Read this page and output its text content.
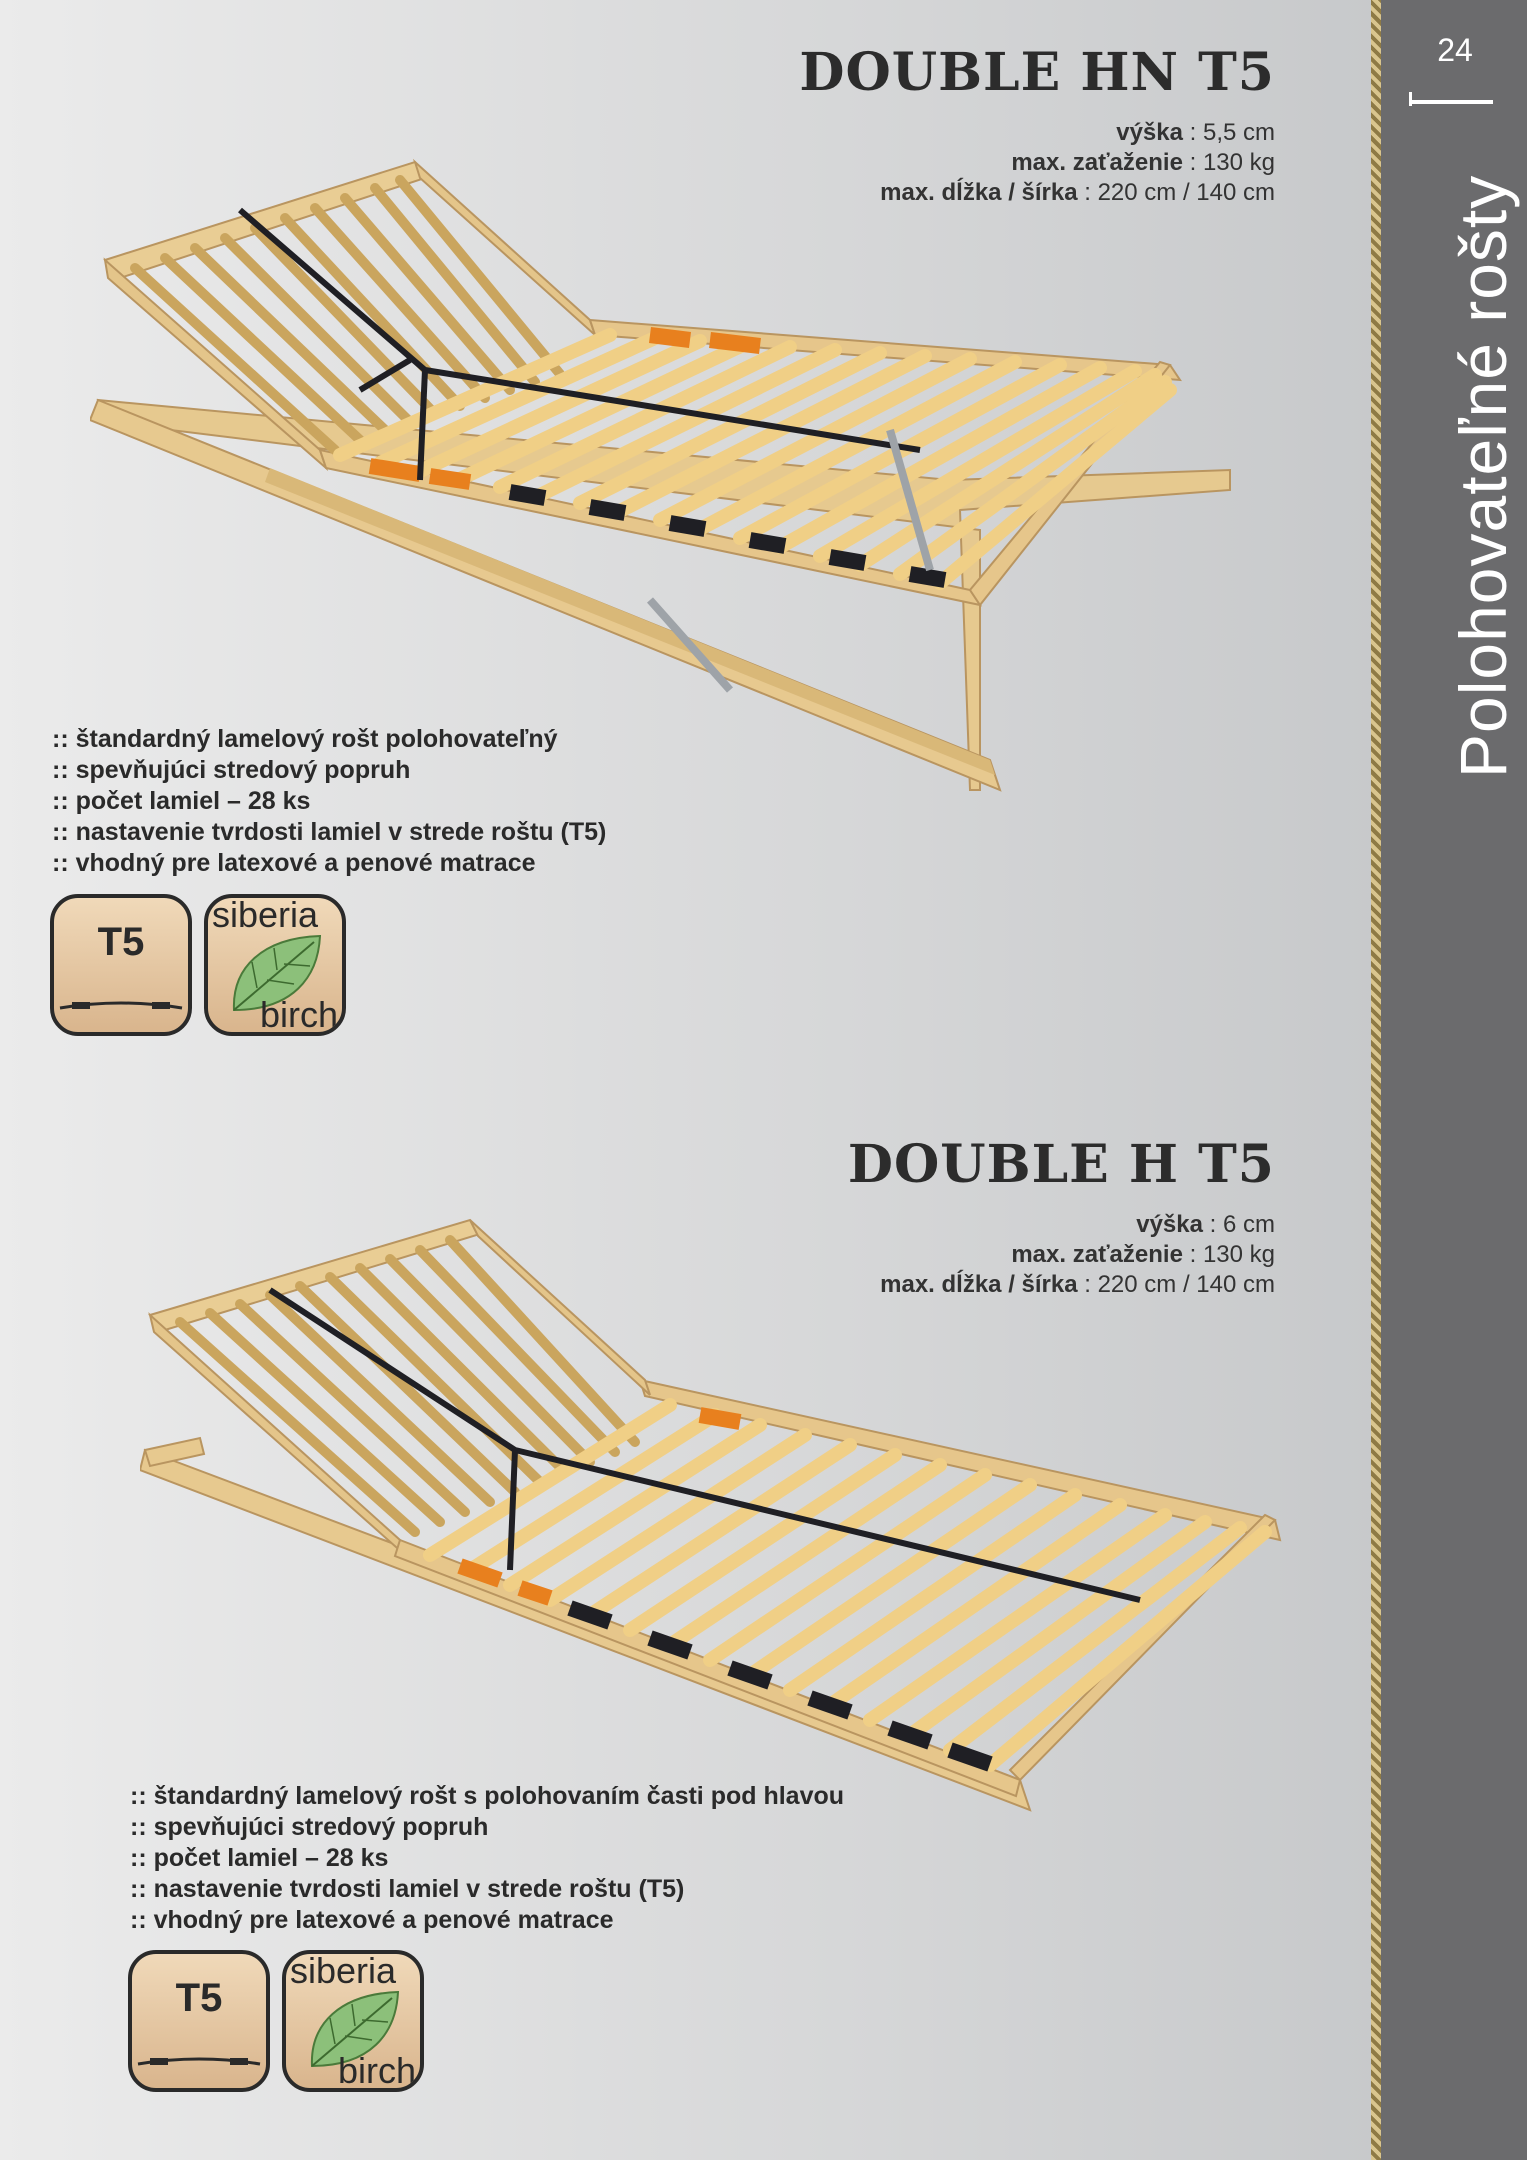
24
Polohovateľné rošty
DOUBLE HN T5
výška : 5,5 cm
max. zaťaženie : 130 kg
max. dĺžka / šírka : 220 cm / 140 cm
:: štandardný lamelový rošt polohovateľný
:: spevňujúci stredový popruh
:: počet lamiel – 28 ks
:: nastavenie tvrdosti lamiel v strede roštu (T5)
:: vhodný pre latexové a penové matrace
T5
siberia
birch
DOUBLE H T5
výška : 6 cm
max. zaťaženie : 130 kg
max. dĺžka / šírka : 220 cm / 140 cm
:: štandardný lamelový rošt s polohovaním časti pod hlavou
:: spevňujúci stredový popruh
:: počet lamiel – 28 ks
:: nastavenie tvrdosti lamiel v strede roštu (T5)
:: vhodný pre latexové a penové matrace
T5
siberia
birch
